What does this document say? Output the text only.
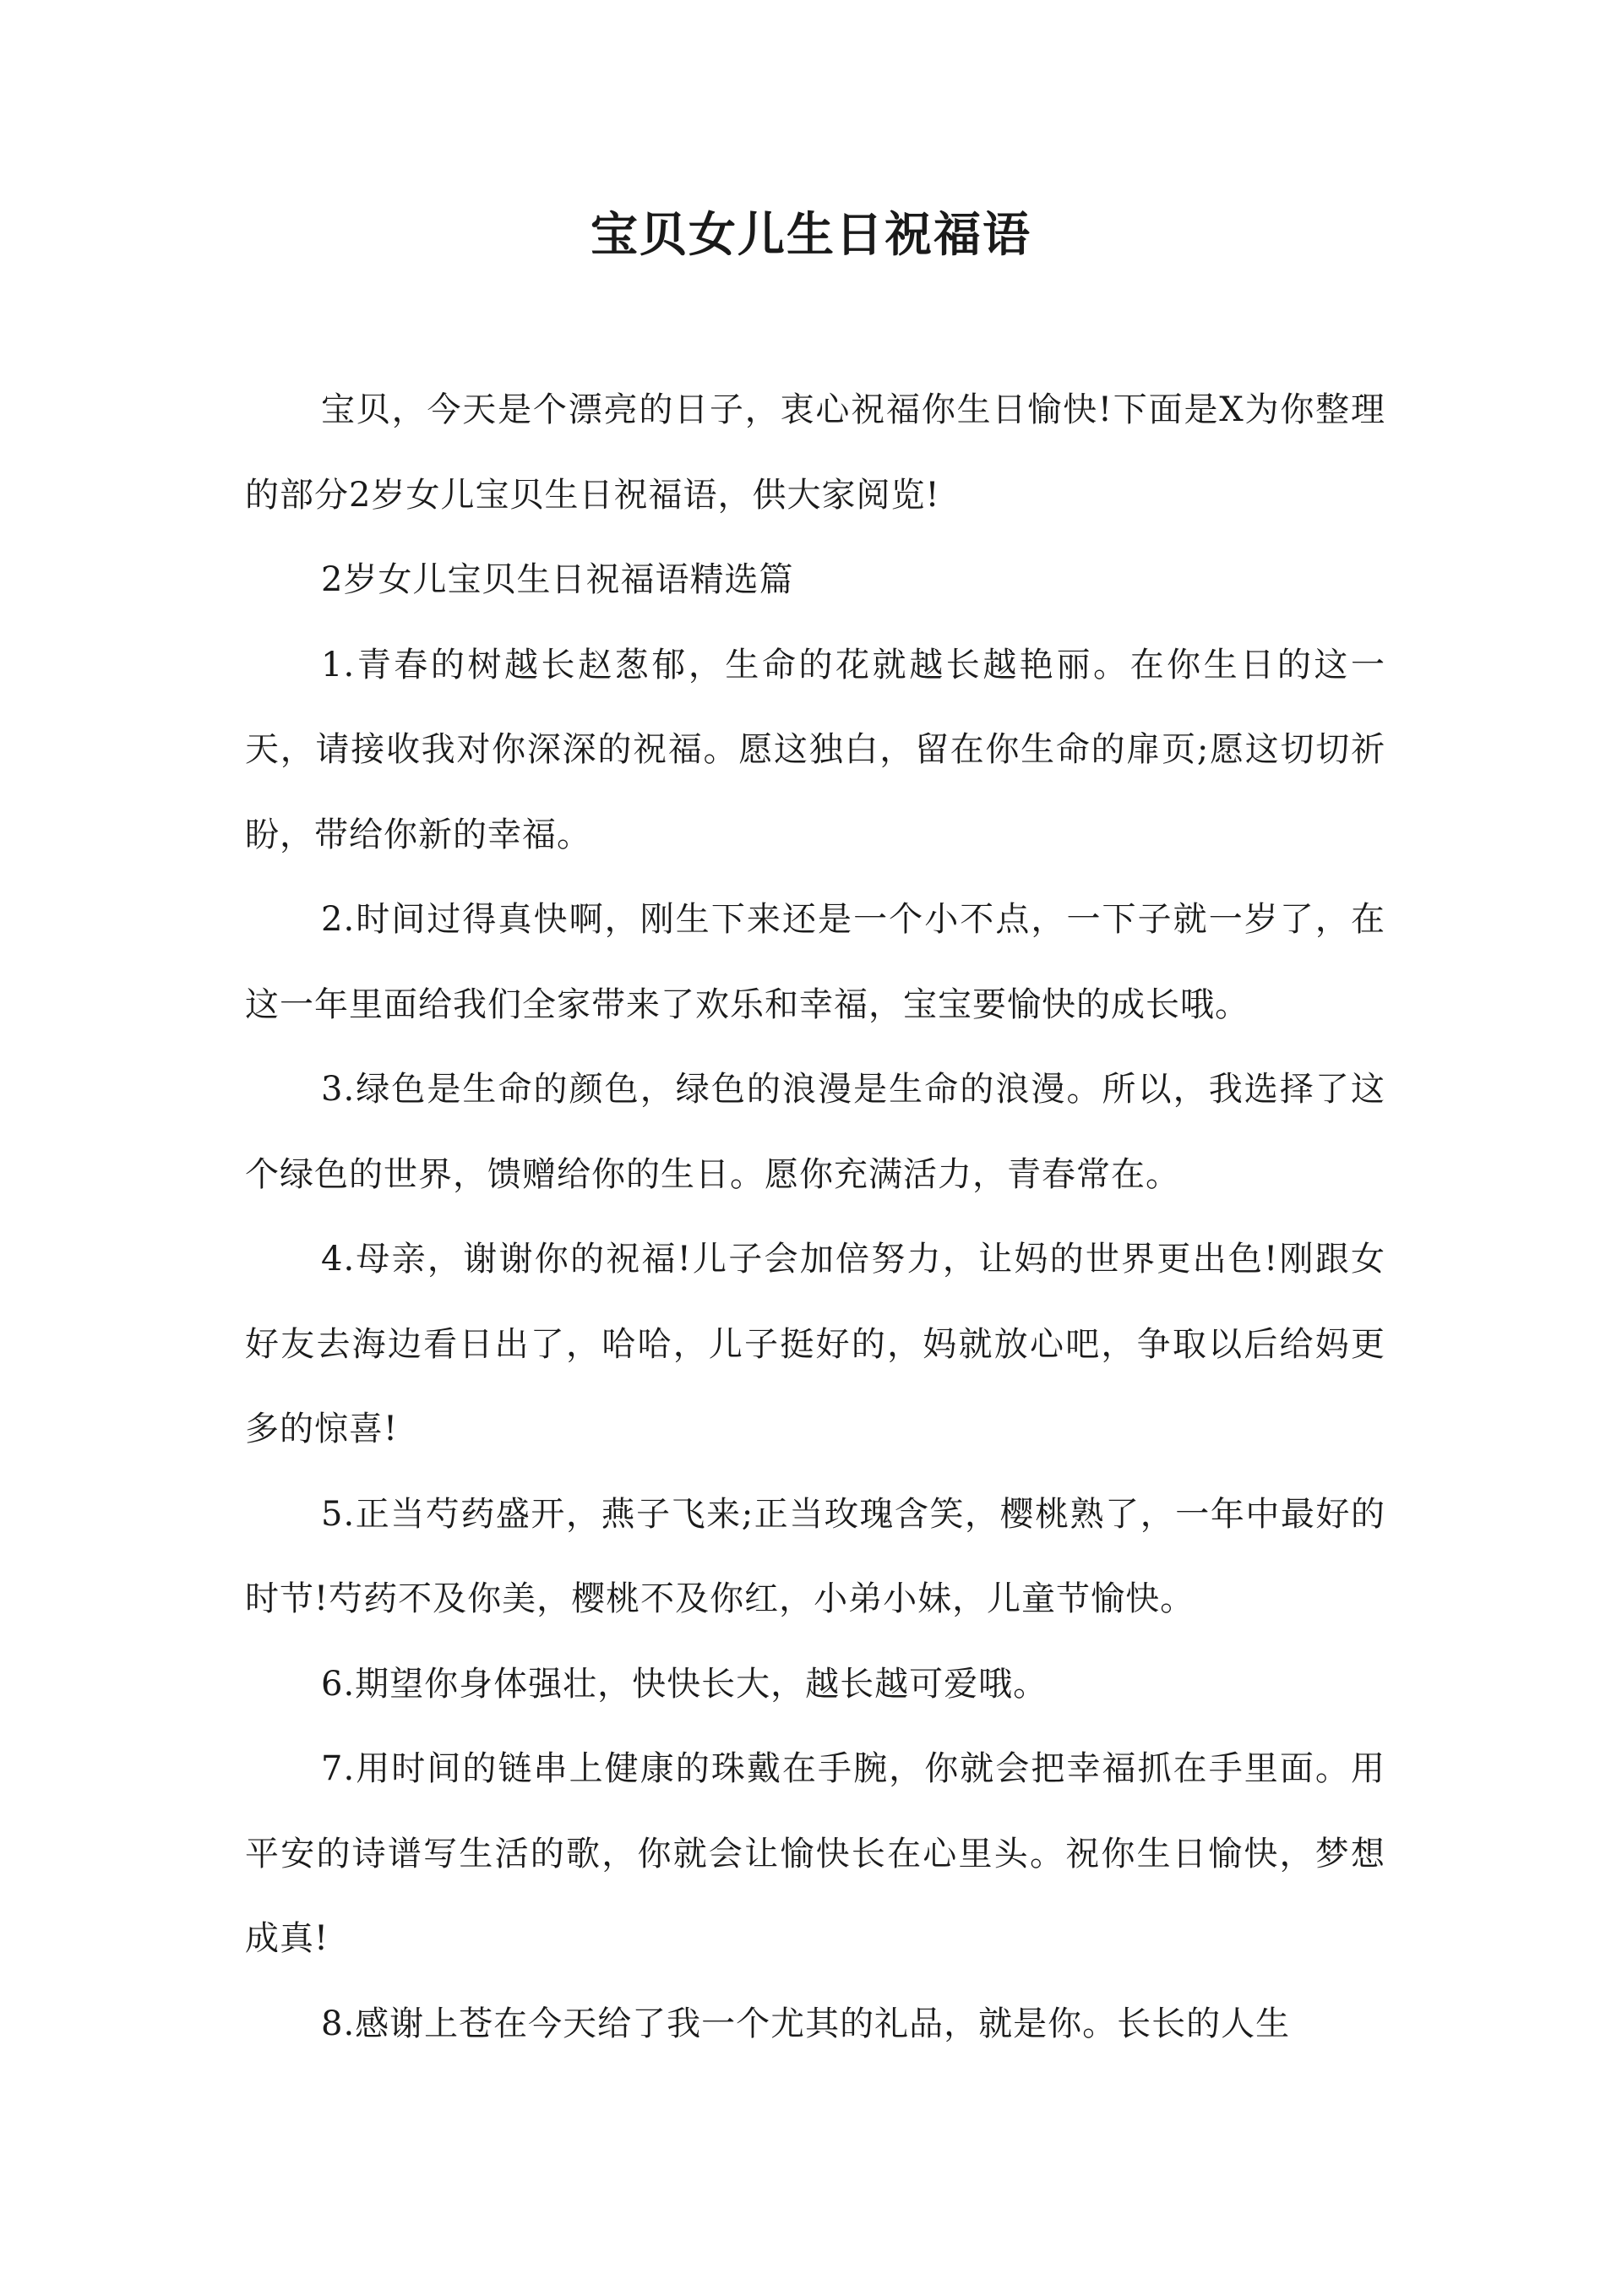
宝贝女儿生日祝福语

宝贝，今天是个漂亮的日子，衷心祝福你生日愉快!下面是X为你整理的部分2岁女儿宝贝生日祝福语，供大家阅览!

2岁女儿宝贝生日祝福语精选篇

1.青春的树越长赵葱郁，生命的花就越长越艳丽。在你生日的这一天，请接收我对你深深的祝福。愿这独白，留在你生命的扉页;愿这切切祈盼，带给你新的幸福。

2.时间过得真快啊，刚生下来还是一个小不点，一下子就一岁了，在这一年里面给我们全家带来了欢乐和幸福，宝宝要愉快的成长哦。

3.绿色是生命的颜色，绿色的浪漫是生命的浪漫。所以，我选择了这个绿色的世界，馈赠给你的生日。愿你充满活力，青春常在。

4.母亲，谢谢你的祝福!儿子会加倍努力，让妈的世界更出色!刚跟女好友去海边看日出了，哈哈，儿子挺好的，妈就放心吧，争取以后给妈更多的惊喜!

5.正当芍药盛开，燕子飞来;正当玫瑰含笑，樱桃熟了，一年中最好的时节!芍药不及你美，樱桃不及你红，小弟小妹，儿童节愉快。

6.期望你身体强壮，快快长大，越长越可爱哦。

7.用时间的链串上健康的珠戴在手腕，你就会把幸福抓在手里面。用平安的诗谱写生活的歌，你就会让愉快长在心里头。祝你生日愉快，梦想成真!

8.感谢上苍在今天给了我一个尤其的礼品，就是你。长长的人生
